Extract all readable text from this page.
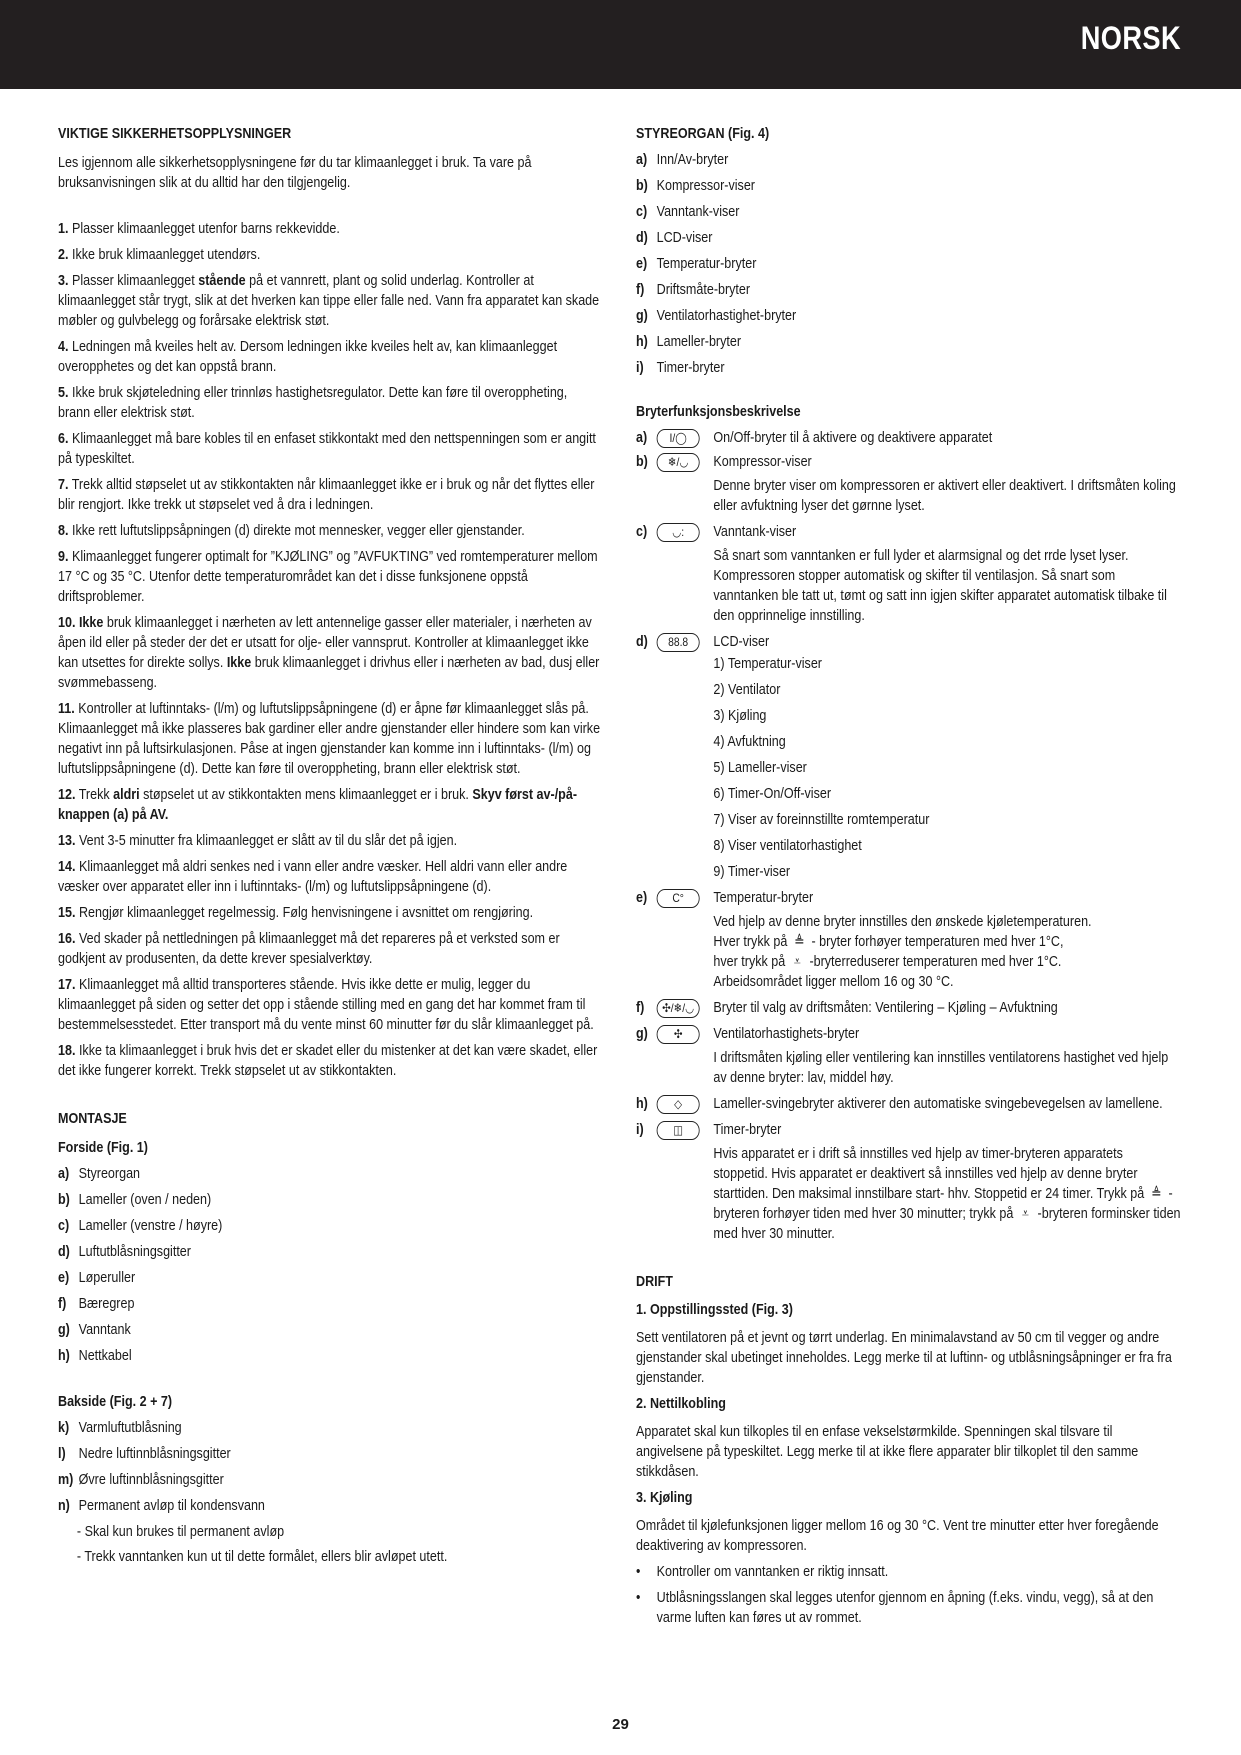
NORSK

VIKTIGE SIKKERHETSOPPLYSNINGER

Les igjennom alle sikkerhetsopplysningene før du tar klimaanlegget i bruk. Ta vare på bruksanvisningen slik at du alltid har den tilgjengelig.

1. Plasser klimaanlegget utenfor barns rekkevidde.

2. Ikke bruk klimaanlegget utendørs.

3. Plasser klimaanlegget stående på et vannrett, plant og solid underlag. Kontroller at klimaanlegget står trygt, slik at det hverken kan tippe eller falle ned. Vann fra apparatet kan skade møbler og gulvbelegg og forårsake elektrisk støt.

4. Ledningen må kveiles helt av. Dersom ledningen ikke kveiles helt av, kan klimaanlegget overopphetes og det kan oppstå brann.

5. Ikke bruk skjøteledning eller trinnløs hastighetsregulator. Dette kan føre til overoppheting, brann eller elektrisk støt.

6. Klimaanlegget må bare kobles til en enfaset stikkontakt med den nettspenningen som er angitt på typeskiltet.

7. Trekk alltid støpselet ut av stikkontakten når klimaanlegget ikke er i bruk og når det flyttes eller blir rengjort. Ikke trekk ut støpselet ved å dra i ledningen.

8. Ikke rett luftutslippsåpningen (d) direkte mot mennesker, vegger eller gjenstander.

9. Klimaanlegget fungerer optimalt for ”KJØLING” og ”AVFUKTING” ved romtemperaturer mellom 17 °C og 35 °C. Utenfor dette temperaturområdet kan det i disse funksjonene oppstå driftsproblemer.

10. Ikke bruk klimaanlegget i nærheten av lett antennelige gasser eller materialer, i nærheten av åpen ild eller på steder der det er utsatt for olje- eller vannsprut. Kontroller at klimaanlegget ikke kan utsettes for direkte sollys. Ikke bruk klimaanlegget i drivhus eller i nærheten av bad, dusj eller svømmebasseng.

11. Kontroller at luftinntaks- (l/m) og luftutslippsåpningene (d) er åpne før klimaanlegget slås på. Klimaanlegget må ikke plasseres bak gardiner eller andre gjenstander eller hindere som kan virke negativt inn på luftsirkulasjonen. Påse at ingen gjenstander kan komme inn i luftinntaks- (l/m) og luftutslippsåpningene (d). Dette kan føre til overoppheting, brann eller elektrisk støt.

12. Trekk aldri støpselet ut av stikkontakten mens klimaanlegget er i bruk. Skyv først av-/på-knappen (a) på AV.

13. Vent 3-5 minutter fra klimaanlegget er slått av til du slår det på igjen.

14. Klimaanlegget må aldri senkes ned i vann eller andre væsker. Hell aldri vann eller andre væsker over apparatet eller inn i luftinntaks- (l/m) og luftutslippsåpningene (d).

15. Rengjør klimaanlegget regelmessig. Følg henvisningene i avsnittet om rengjøring.

16. Ved skader på nettledningen på klimaanlegget må det repareres på et verksted som er godkjent av produsenten, da dette krever spesialverktøy.

17. Klimaanlegget må alltid transporteres stående. Hvis ikke dette er mulig, legger du klimaanlegget på siden og setter det opp i stående stilling med en gang det har kommet fram til bestemmelsesstedet. Etter transport må du vente minst 60 minutter før du slår klimaanlegget på.

18. Ikke ta klimaanlegget i bruk hvis det er skadet eller du mistenker at det kan være skadet, eller det ikke fungerer korrekt. Trekk støpselet ut av stikkontakten.

MONTASJE

Forside (Fig. 1)

a) Styreorgan
b) Lameller (oven / neden)
c) Lameller (venstre / høyre)
d) Luftutblåsningsgitter
e) Løperuller
f) Bæregrep
g) Vanntank
h) Nettkabel

Bakside (Fig. 2 + 7)

k) Varmluftutblåsning
l) Nedre luftinnblåsningsgitter
m) Øvre luftinnblåsningsgitter
n) Permanent avløp til kondensvann
- Skal kun brukes til permanent avløp
- Trekk vanntanken kun ut til dette formålet, ellers blir avløpet utett.

STYREORGAN (Fig. 4)

a) Inn/Av-bryter
b) Kompressor-viser
c) Vanntank-viser
d) LCD-viser
e) Temperatur-bryter
f) Driftsmåte-bryter
g) Ventilatorhastighet-bryter
h) Lameller-bryter
i) Timer-bryter

Bryterfunksjonsbeskrivelse

a)	I/◯	On/Off-bryter til å aktivere og deaktivere apparatet
b)	❄/◡	Kompressor-viser
Denne bryter viser om kompressoren er aktivert eller deaktivert. I driftsmåten koling eller avfuktning lyser det gørnne lyset.
c)	◡:	Vanntank-viser
Så snart som vanntanken er full lyder et alarmsignal og det rrde lyset lyser. Kompressoren stopper automatisk og skifter til ventilasjon. Så snart som vanntanken ble tatt ut, tømt og satt inn igjen skifter apparatet automatisk tilbake til den opprinnelige innstilling.
d)	88.8	LCD-viser
1) Temperatur-viser
2) Ventilator
3) Kjøling
4) Avfuktning
5) Lameller-viser
6) Timer-On/Off-viser
7) Viser av foreinnstillte romtemperatur
8) Viser ventilatorhastighet
9) Timer-viser
e)	C°	Temperatur-bryter
Ved hjelp av denne bryter innstilles den ønskede kjøletemperaturen.
Hver trykk på ≜ - bryter forhøyer temperaturen med hver 1°C,
hver trykk på ⩡ -bryterreduserer temperaturen med hver 1°C.
Arbeidsområdet ligger mellom 16 og 30 °C.
f)	✣/❄/◡	Bryter til valg av driftsmåten: Ventilering – Kjøling – Avfuktning
g)	✣	Ventilatorhastighets-bryter
I driftsmåten kjøling eller ventilering kan innstilles ventilatorens hastighet ved hjelp av denne bryter: lav, middel høy.
h)	◇	Lameller-svingebryter aktiverer den automatiske svingebevegelsen av lamellene.
i)	◫	Timer-bryter
Hvis apparatet er i drift så innstilles ved hjelp av timer-bryteren apparatets stoppetid. Hvis apparatet er deaktivert så innstilles ved hjelp av denne bryter starttiden. Den maksimal innstilbare start- hhv. Stoppetid er 24 timer. Trykk på ≜ - bryteren forhøyer tiden med hver 30 minutter; trykk på ⩡ -bryteren forminsker tiden med hver 30 minutter.

DRIFT

1. Oppstillingssted (Fig. 3)

Sett ventilatoren på et jevnt og tørrt underlag. En minimalavstand av 50 cm til vegger og andre gjenstander skal ubetinget inneholdes. Legg merke til at luftinn- og utblåsningsåpninger er fra fra gjenstander.

2. Nettilkobling

Apparatet skal kun tilkoples til en enfase vekselstørmkilde. Spenningen skal tilsvare til angivelsene på typeskiltet. Legg merke til at ikke flere apparater blir tilkoplet til den samme stikkdåsen.

3. Kjøling

Området til kjølefunksjonen ligger mellom 16 og 30 °C. Vent tre minutter etter hver foregående deaktivering av kompressoren.

•	Kontroller om vanntanken er riktig innsatt.
•	Utblåsningsslangen skal legges utenfor gjennom en åpning (f.eks. vindu, vegg), så at den varme luften kan føres ut av rommet.
29
